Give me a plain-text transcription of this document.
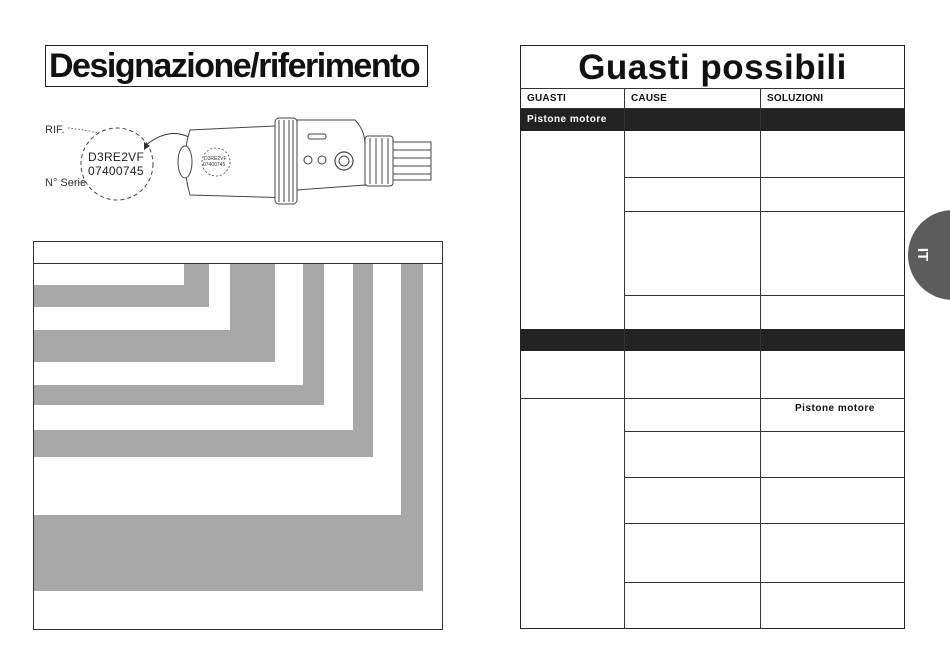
Designazione/riferimento
RIF.
N° Serie
D3RE2VF
07400745
D3RE2VF
07400745
Guasti possibili
GUASTI	CAUSE	SOLUZIONI
Pistone motore
Pistone motore
IT
